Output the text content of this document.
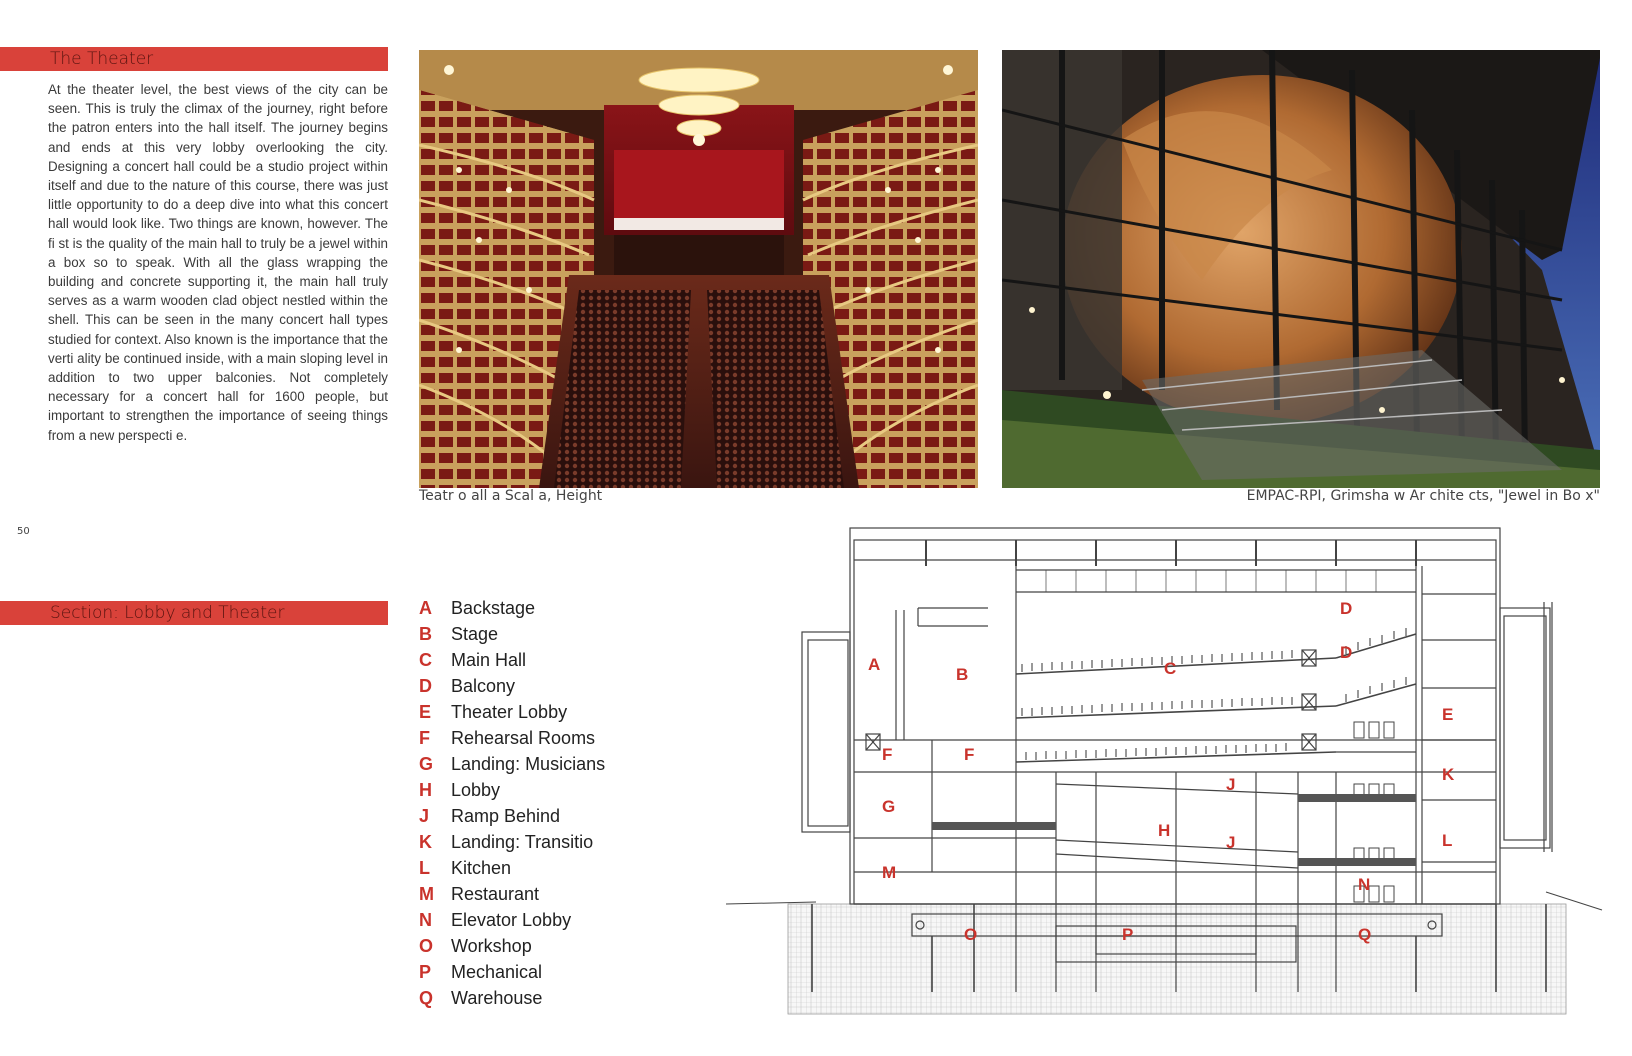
The Theater
At the theater level, the best views of the city can be seen. This is truly the climax of the journey, right before the patron enters into the hall itself. The journey begins and ends at this very lobby overlooking the city. Designing a concert hall could be a studio project within itself and due to the nature of this course, there was just little opportunity to do a deep dive into what this concert hall would look like. Two things are known, however. The fi st is the quality of the main hall to truly be a jewel within a box so to speak. With all the glass wrapping the building and concrete supporting it, the main hall truly serves as a warm wooden clad object nestled within the shell. This can be seen in the many concert hall types studied for context. Also known is the importance that the verti ality be continued inside, with a main sloping level in addition to two upper balconies. Not completely necessary for a concert hall for 1600 people, but important to strengthen the importance of seeing things from a new perspecti e.
50
Teatr o all a Scal a, Height	EMPAC-RPI, Grimsha w Ar chite cts, "Jewel in Bo x"
Section: Lobby and Theater	A	Backstage
B	Stage
C	Main Hall
D	Balcony
E	Theater Lobby
F	Rehearsal Rooms
G Landing: Musicians
H	Lobby
J	Ramp Behind
K	Landing: Transitio
L	Kitchen
M Restaurant
N	Elevator Lobby
O Workshop
P	Mechanical
Q Warehouse
A
B	C
D
D
E
F	F
G
H
J
J
K
L
M
N
O	P	Q
